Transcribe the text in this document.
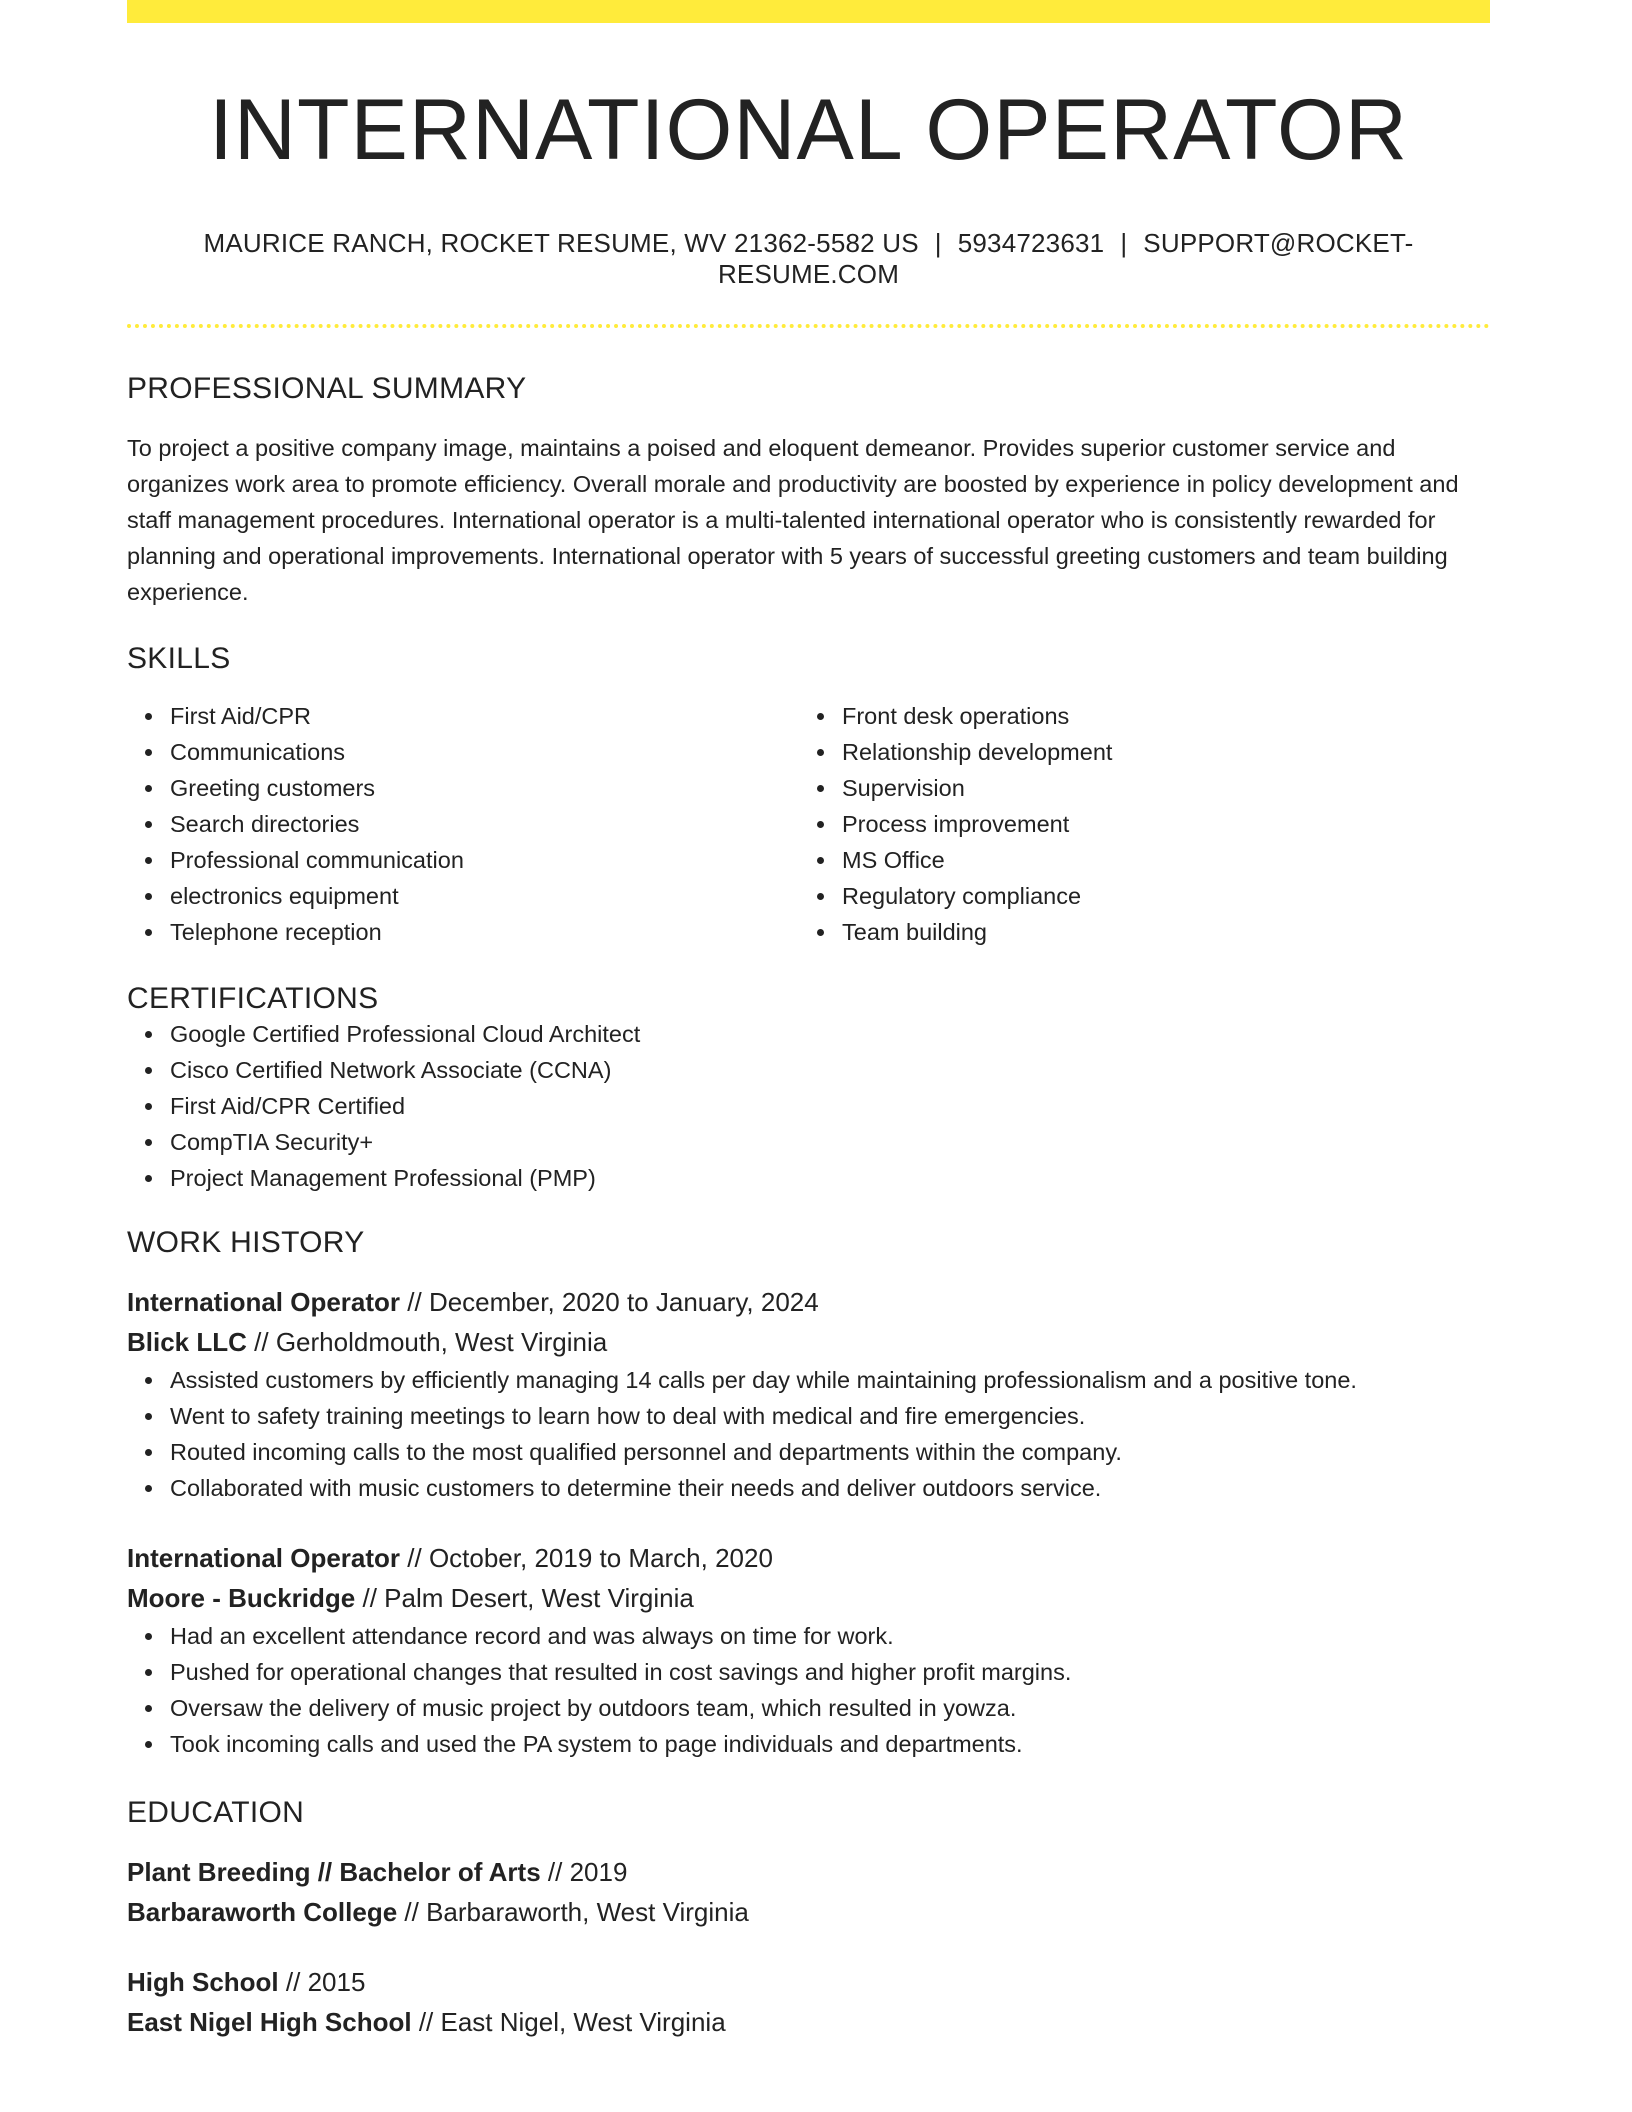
INTERNATIONAL OPERATOR
MAURICE RANCH, ROCKET RESUME, WV 21362-5582 US | 5934723631 | SUPPORT@ROCKET-RESUME.COM
PROFESSIONAL SUMMARY

To project a positive company image, maintains a poised and eloquent demeanor. Provides superior customer service and organizes work area to promote efficiency. Overall morale and productivity are boosted by experience in policy development and staff management procedures. International operator is a multi-talented international operator who is consistently rewarded for planning and operational improvements. International operator with 5 years of successful greeting customers and team building experience.

SKILLS
First Aid/CPR
Communications
Greeting customers
Search directories
Professional communication
electronics equipment
Telephone reception
Front desk operations
Relationship development
Supervision
Process improvement
MS Office
Regulatory compliance
Team building
CERTIFICATIONS
Google Certified Professional Cloud Architect
Cisco Certified Network Associate (CCNA)
First Aid/CPR Certified
CompTIA Security+
Project Management Professional (PMP)
WORK HISTORY
International Operator // December, 2020 to January, 2024
Blick LLC // Gerholdmouth, West Virginia
Assisted customers by efficiently managing 14 calls per day while maintaining professionalism and a positive tone.
Went to safety training meetings to learn how to deal with medical and fire emergencies.
Routed incoming calls to the most qualified personnel and departments within the company.
Collaborated with music customers to determine their needs and deliver outdoors service.
International Operator // October, 2019 to March, 2020
Moore - Buckridge // Palm Desert, West Virginia
Had an excellent attendance record and was always on time for work.
Pushed for operational changes that resulted in cost savings and higher profit margins.
Oversaw the delivery of music project by outdoors team, which resulted in yowza.
Took incoming calls and used the PA system to page individuals and departments.
EDUCATION
Plant Breeding // Bachelor of Arts // 2019
Barbaraworth College // Barbaraworth, West Virginia
High School // 2015
East Nigel High School // East Nigel, West Virginia
